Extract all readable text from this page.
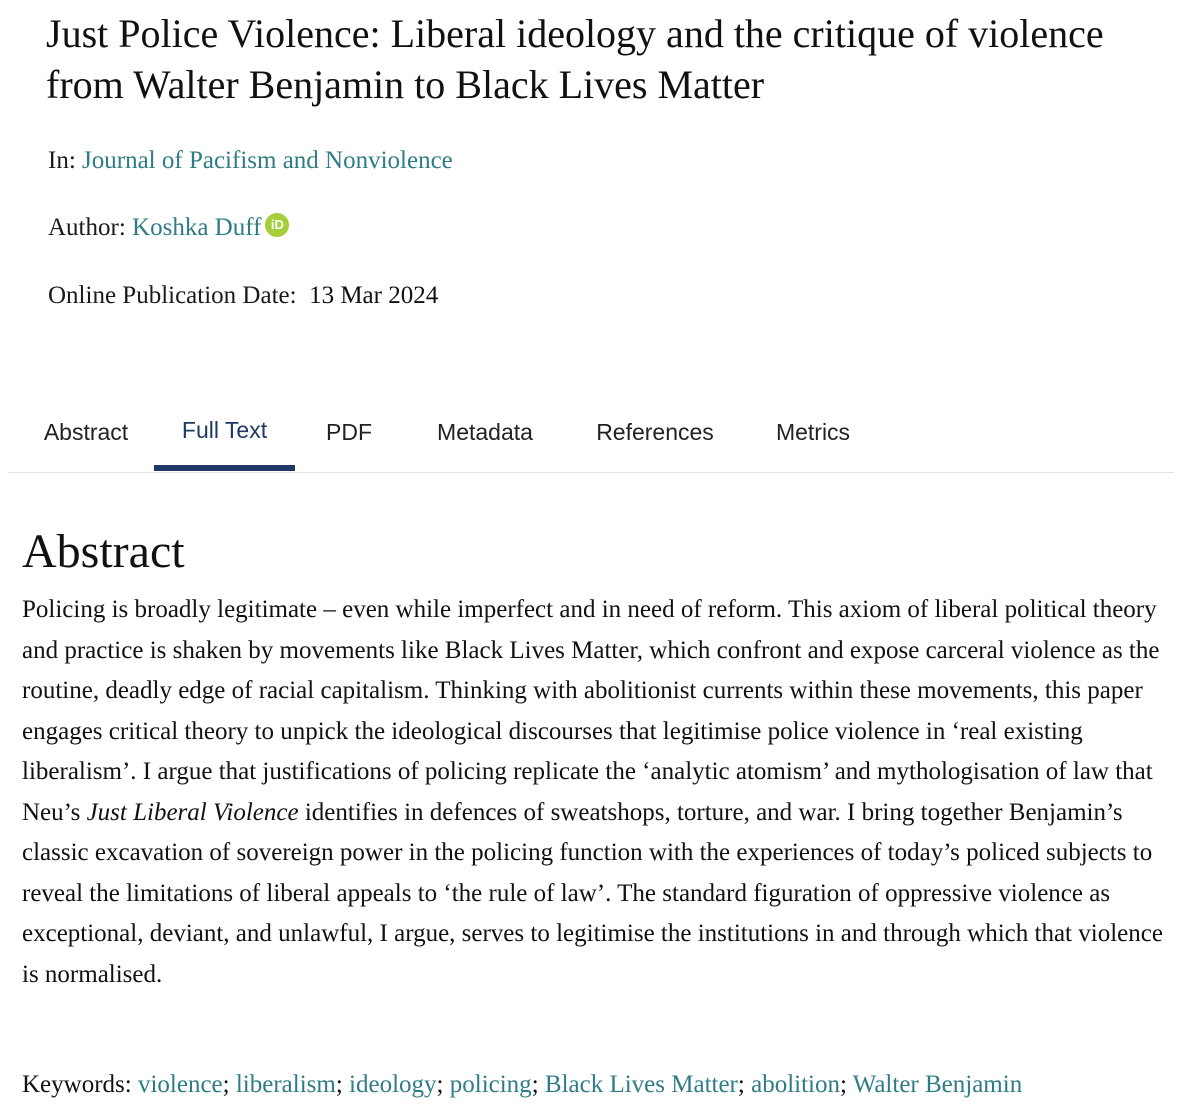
Just Police Violence: Liberal ideology and the critique of violence from Walter Benjamin to Black Lives Matter
In: Journal of Pacifism and Nonviolence
Author: Koshka Duff iD
Online Publication Date: 13 Mar 2024
Abstract	Full Text	PDF	Metadata	References	Metrics
Abstract

Policing is broadly legitimate – even while imperfect and in need of reform. This axiom of liberal political theory and practice is shaken by movements like Black Lives Matter, which confront and expose carceral violence as the routine, deadly edge of racial capitalism. Thinking with abolitionist currents within these movements, this paper engages critical theory to unpick the ideological discourses that legitimise police violence in ‘real existing liberalism’. I argue that justifications of policing replicate the ‘analytic atomism’ and mythologisation of law that Neu’s Just Liberal Violence identifies in defences of sweatshops, torture, and war. I bring together Benjamin’s classic excavation of sovereign power in the policing function with the experiences of today’s policed subjects to reveal the limitations of liberal appeals to ‘the rule of law’. The standard figuration of oppressive violence as exceptional, deviant, and unlawful, I argue, serves to legitimise the institutions in and through which that violence is normalised.

Keywords: violence; liberalism; ideology; policing; Black Lives Matter; abolition; Walter Benjamin
